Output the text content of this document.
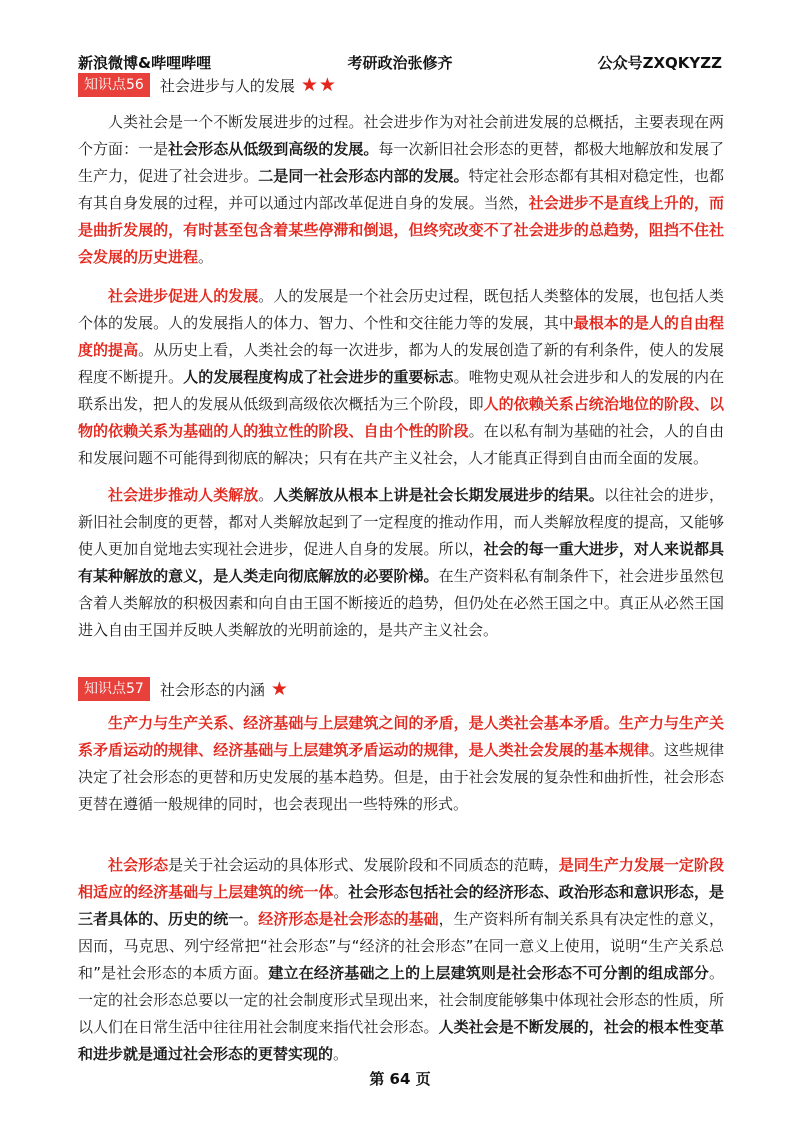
新浪微博&哔哩哔哩	考研政治张修齐	公众号ZXQKYZZ
知识点56	社会进步与人的发展 ★★
　　人类社会是一个不断发展进步的过程。社会进步作为对社会前进发展的总概括，主要表现在两个方面：一是社会形态从低级到高级的发展。每一次新旧社会形态的更替，都极大地解放和发展了生产力，促进了社会进步。二是同一社会形态内部的发展。特定社会形态都有其相对稳定性，也都有其自身发展的过程，并可以通过内部改革促进自身的发展。当然，社会进步不是直线上升的，而是曲折发展的，有时甚至包含着某些停滞和倒退，但终究改变不了社会进步的总趋势，阻挡不住社会发展的历史进程。
　　社会进步促进人的发展。人的发展是一个社会历史过程，既包括人类整体的发展，也包括人类个体的发展。人的发展指人的体力、智力、个性和交往能力等的发展，其中最根本的是人的自由程度的提高。从历史上看，人类社会的每一次进步，都为人的发展创造了新的有利条件，使人的发展程度不断提升。人的发展程度构成了社会进步的重要标志。唯物史观从社会进步和人的发展的内在联系出发，把人的发展从低级到高级依次概括为三个阶段，即人的依赖关系占统治地位的阶段、以物的依赖关系为基础的人的独立性的阶段、自由个性的阶段。在以私有制为基础的社会，人的自由和发展问题不可能得到彻底的解决；只有在共产主义社会，人才能真正得到自由而全面的发展。
　　社会进步推动人类解放。人类解放从根本上讲是社会长期发展进步的结果。以往社会的进步，新旧社会制度的更替，都对人类解放起到了一定程度的推动作用，而人类解放程度的提高，又能够使人更加自觉地去实现社会进步，促进人自身的发展。所以，社会的每一重大进步，对人来说都具有某种解放的意义，是人类走向彻底解放的必要阶梯。在生产资料私有制条件下，社会进步虽然包含着人类解放的积极因素和向自由王国不断接近的趋势，但仍处在必然王国之中。真正从必然王国进入自由王国并反映人类解放的光明前途的，是共产主义社会。
知识点57	社会形态的内涵 ★
　　生产力与生产关系、经济基础与上层建筑之间的矛盾，是人类社会基本矛盾。生产力与生产关系矛盾运动的规律、经济基础与上层建筑矛盾运动的规律，是人类社会发展的基本规律。这些规律决定了社会形态的更替和历史发展的基本趋势。但是，由于社会发展的复杂性和曲折性，社会形态更替在遵循一般规律的同时，也会表现出一些特殊的形式。
　　社会形态是关于社会运动的具体形式、发展阶段和不同质态的范畴，是同生产力发展一定阶段相适应的经济基础与上层建筑的统一体。社会形态包括社会的经济形态、政治形态和意识形态，是三者具体的、历史的统一。经济形态是社会形态的基础，生产资料所有制关系具有决定性的意义，因而，马克思、列宁经常把“社会形态”与“经济的社会形态”在同一意义上使用，说明“生产关系总和”是社会形态的本质方面。建立在经济基础之上的上层建筑则是社会形态不可分割的组成部分。一定的社会形态总要以一定的社会制度形式呈现出来，社会制度能够集中体现社会形态的性质，所以人们在日常生活中往往用社会制度来指代社会形态。人类社会是不断发展的，社会的根本性变革和进步就是通过社会形态的更替实现的。
第 64 页
